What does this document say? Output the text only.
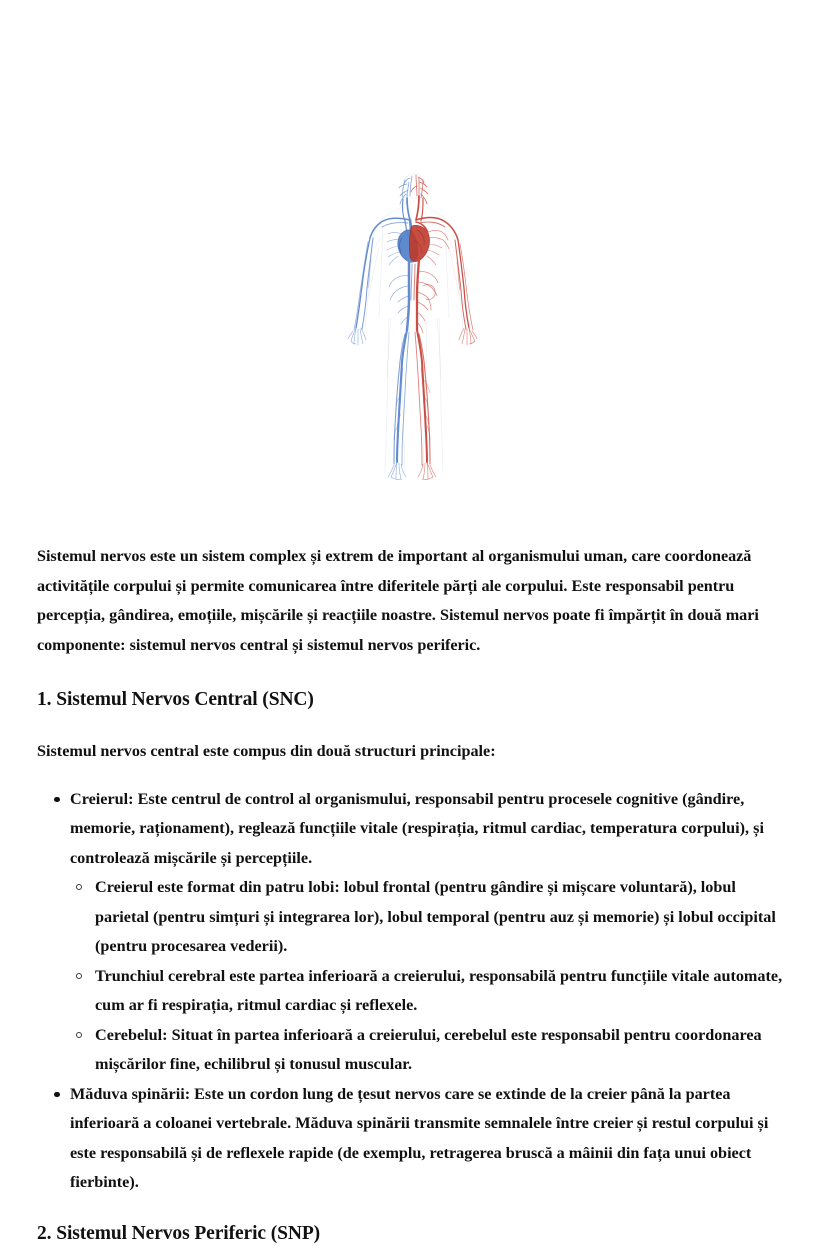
Sistemul nervos este un sistem complex și extrem de important al organismului uman, care coordonează activitățile corpului și permite comunicarea între diferitele părți ale corpului. Este responsabil pentru percepția, gândirea, emoțiile, mișcările și reacțiile noastre. Sistemul nervos poate fi împărțit în două mari componente: sistemul nervos central și sistemul nervos periferic.

1. Sistemul Nervos Central (SNC)

Sistemul nervos central este compus din două structuri principale:

Creierul: Este centrul de control al organismului, responsabil pentru procesele cognitive (gândire, memorie, raționament), reglează funcțiile vitale (respirația, ritmul cardiac, temperatura corpului), și controlează mișcările și percepțiile.
Creierul este format din patru lobi: lobul frontal (pentru gândire și mișcare voluntară), lobul parietal (pentru simțuri și integrarea lor), lobul temporal (pentru auz și memorie) și lobul occipital (pentru procesarea vederii).
Trunchiul cerebral este partea inferioară a creierului, responsabilă pentru funcțiile vitale automate, cum ar fi respirația, ritmul cardiac și reflexele.
Cerebelul: Situat în partea inferioară a creierului, cerebelul este responsabil pentru coordonarea mișcărilor fine, echilibrul și tonusul muscular.
Măduva spinării: Este un cordon lung de țesut nervos care se extinde de la creier până la partea inferioară a coloanei vertebrale. Măduva spinării transmite semnalele între creier și restul corpului și este responsabilă și de reflexele rapide (de exemplu, retragerea bruscă a mâinii din fața unui obiect fierbinte).
2. Sistemul Nervos Periferic (SNP)
